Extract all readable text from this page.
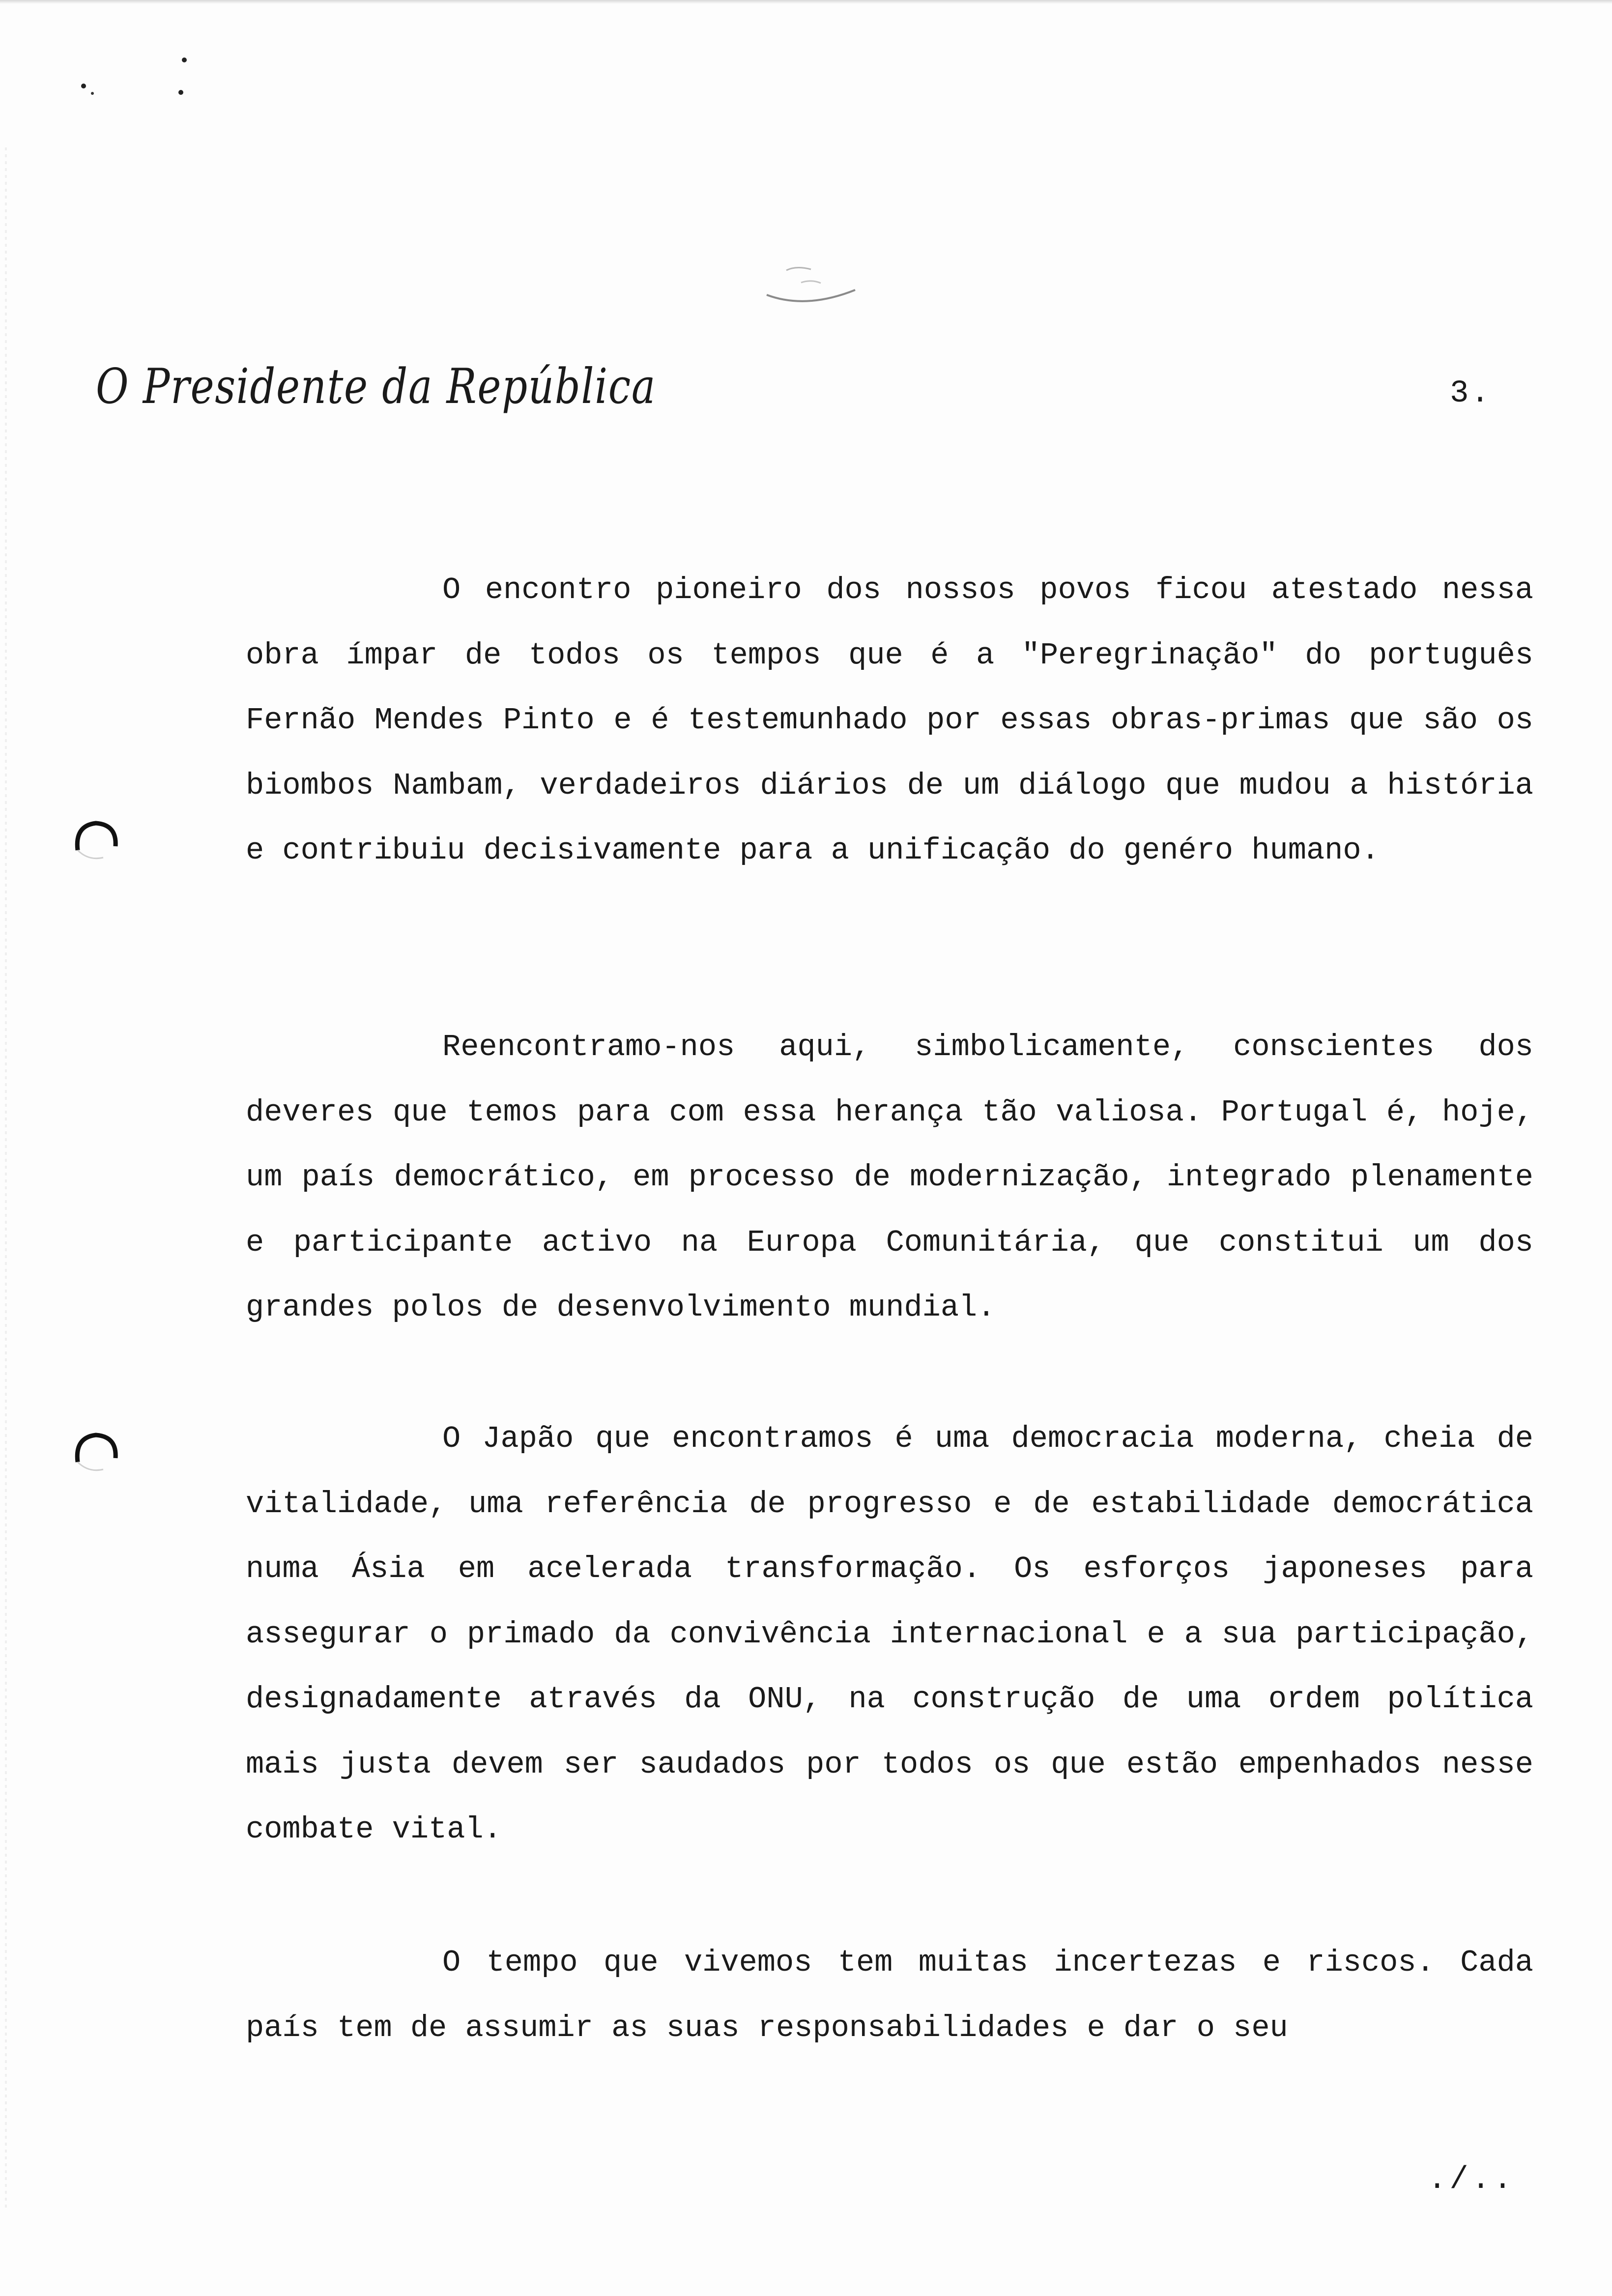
O Presidente da República	3.

O encontro pioneiro dos nossos povos ficou atestado nessa obra ímpar de todos os tempos que é a "Peregrinação" do português Fernão Mendes Pinto e é testemunhado por essas obras-primas que são os biombos Nambam, verdadeiros diários de um diálogo que mudou a história e contribuiu decisivamente para a unificação do genéro humano.

Reencontramo-nos aqui, simbolicamente, conscientes dos deveres que temos para com essa herança tão valiosa. Portugal é, hoje, um país democrático, em processo de modernização, integrado plenamente e participante activo na Europa Comunitária, que constitui um dos grandes polos de desenvolvimento mundial.

O Japão que encontramos é uma democracia moderna, cheia de vitalidade, uma referência de progresso e de estabilidade democrática numa Ásia em acelerada transformação. Os esforços japoneses para assegurar o primado da convivência internacional e a sua participação, designadamente através da ONU, na construção de uma ordem política mais justa devem ser saudados por todos os que estão empenhados nesse combate vital.

O tempo que vivemos tem muitas incertezas e riscos. Cada país tem de assumir as suas responsabilidades e dar o seu

./..
